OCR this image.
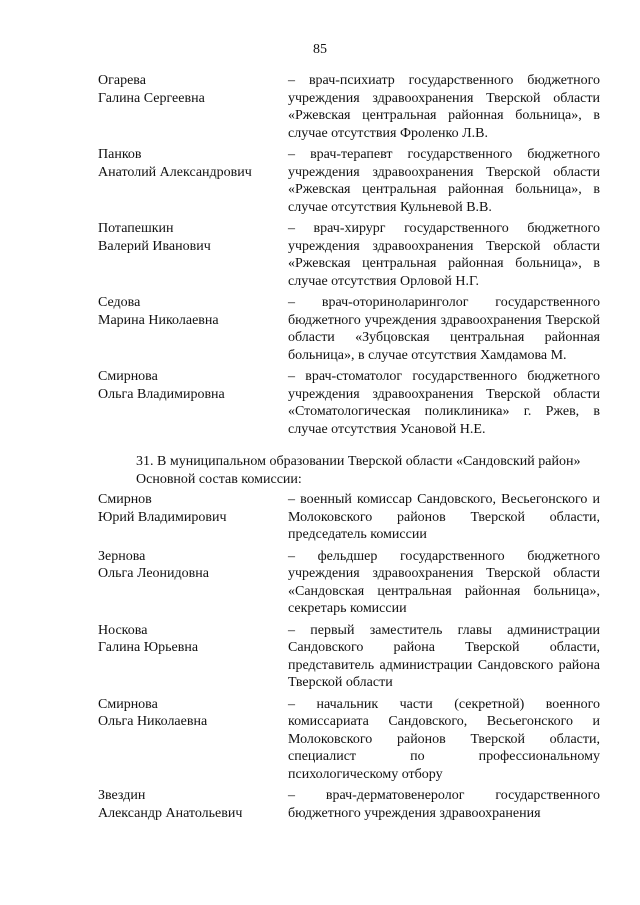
85
Огарева
Галина Сергеевна
– врач-психиатр государственного бюджетного учреждения здравоохранения Тверской области «Ржевская центральная районная больница», в случае отсутствия Фроленко Л.В.
Панков
Анатолий Александрович
– врач-терапевт государственного бюджетного учреждения здравоохранения Тверской области «Ржевская центральная районная больница», в случае отсутствия Кульневой В.В.
Потапешкин
Валерий Иванович
– врач-хирург государственного бюджетного учреждения здравоохранения Тверской области «Ржевская центральная районная больница», в случае отсутствия Орловой Н.Г.
Седова
Марина Николаевна
– врач-оториноларинголог государственного бюджетного учреждения здравоохранения Тверской области «Зубцовская центральная районная больница», в случае отсутствия Хамдамова М.
Смирнова
Ольга Владимировна
– врач-стоматолог государственного бюджетного учреждения здравоохранения Тверской области «Стоматологическая поликлиника» г. Ржев, в случае отсутствия Усановой Н.Е.
31. В муниципальном образовании Тверской области «Сандовский район»
Основной состав комиссии:
Смирнов
Юрий Владимирович
– военный комиссар Сандовского, Весьегонского и Молоковского районов Тверской области, председатель комиссии
Зернова
Ольга Леонидовна
– фельдшер государственного бюджетного учреждения здравоохранения Тверской области «Сандовская центральная районная больница», секретарь комиссии
Носкова
Галина Юрьевна
– первый заместитель главы администрации Сандовского района Тверской области, представитель администрации Сандовского района Тверской области
Смирнова
Ольга Николаевна
– начальник части (секретной) военного комиссариата Сандовского, Весьегонского и Молоковского районов Тверской области, специалист по профессиональному психологическому отбору
Звездин
Александр Анатольевич
– врач-дерматовенеролог государственного бюджетного учреждения здравоохранения
